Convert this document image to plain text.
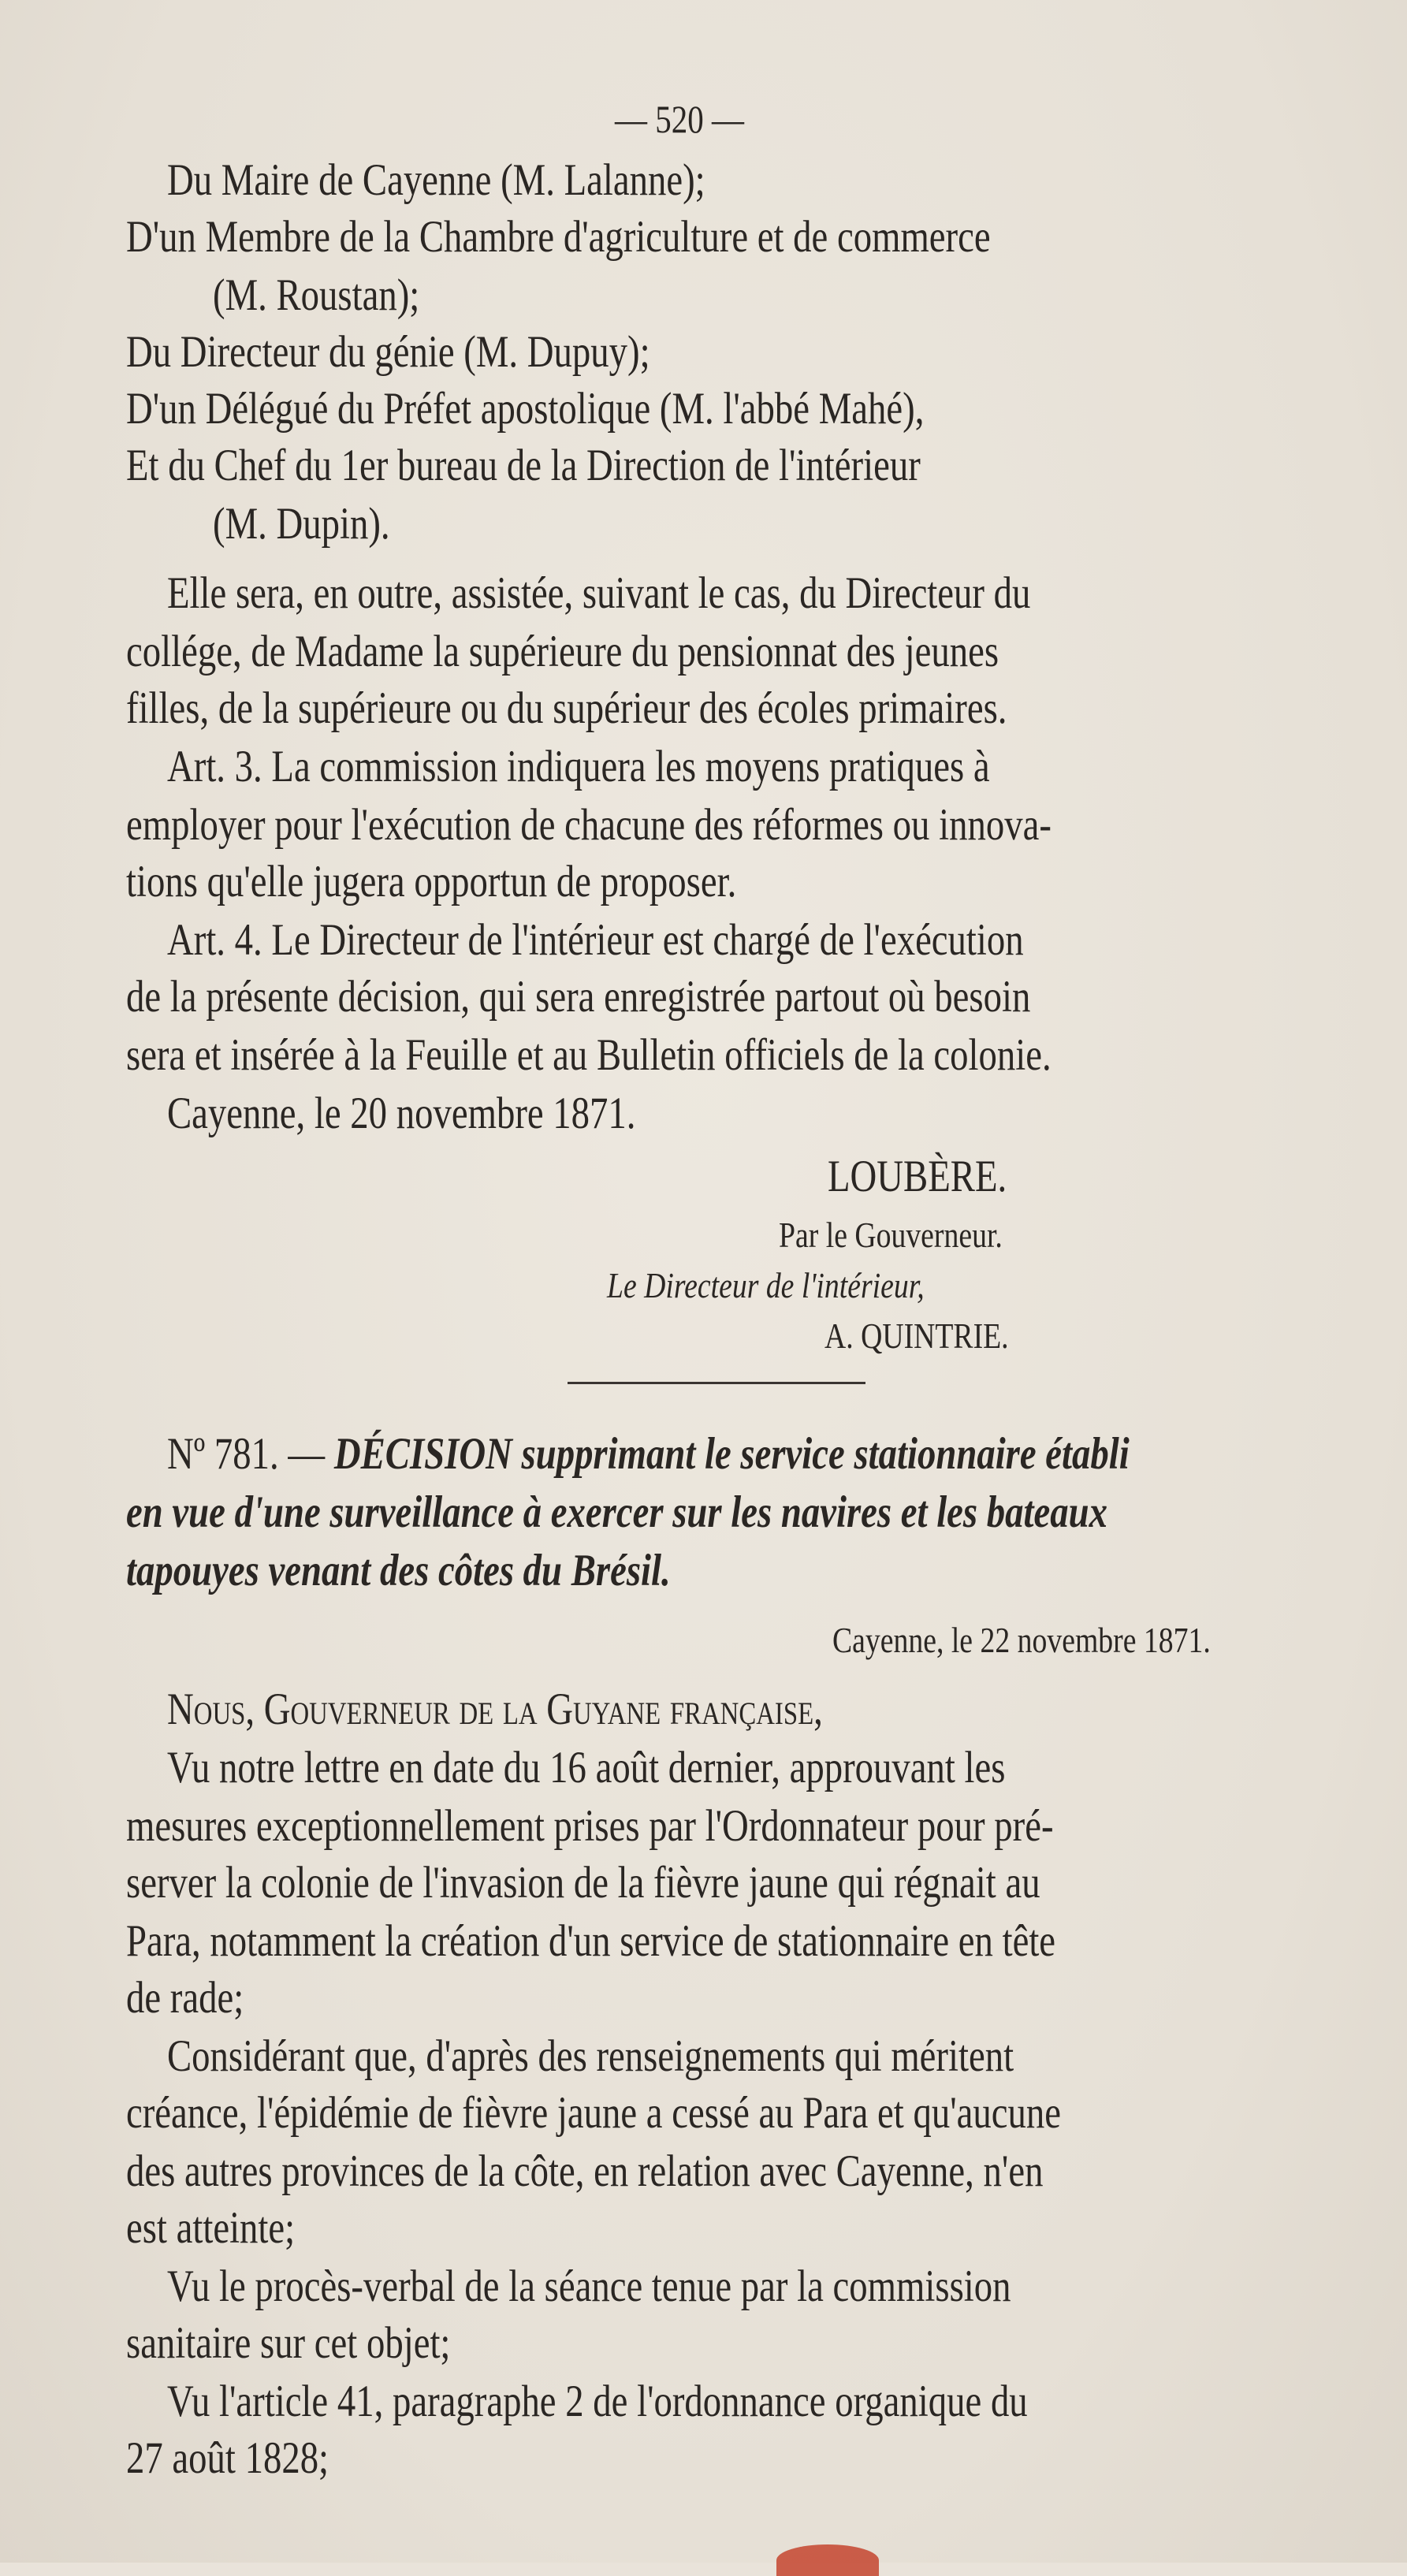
— 520 —
Du Maire de Cayenne (M. Lalanne);
D'un Membre de la Chambre d'agriculture et de commerce
(M. Roustan);
Du Directeur du génie (M. Dupuy);
D'un Délégué du Préfet apostolique (M. l'abbé Mahé),
Et du Chef du 1er bureau de la Direction de l'intérieur
(M. Dupin).
Elle sera, en outre, assistée, suivant le cas, du Directeur du
collége, de Madame la supérieure du pensionnat des jeunes
filles, de la supérieure ou du supérieur des écoles primaires.
Art. 3. La commission indiquera les moyens pratiques à
employer pour l'exécution de chacune des réformes ou innova-
tions qu'elle jugera opportun de proposer.
Art. 4. Le Directeur de l'intérieur est chargé de l'exécution
de la présente décision, qui sera enregistrée partout où besoin
sera et insérée à la Feuille et au Bulletin officiels de la colonie.
Cayenne, le 20 novembre 1871.
LOUBÈRE.
Par le Gouverneur.
Le Directeur de l'intérieur,
A. QUINTRIE.
Nº 781. — DÉCISION supprimant le service stationnaire établi
en vue d'une surveillance à exercer sur les navires et les bateaux
tapouyes venant des côtes du Brésil.
Cayenne, le 22 novembre 1871.
Nous, Gouverneur de la Guyane française,
Vu notre lettre en date du 16 août dernier, approuvant les
mesures exceptionnellement prises par l'Ordonnateur pour pré-
server la colonie de l'invasion de la fièvre jaune qui régnait au
Para, notamment la création d'un service de stationnaire en tête
de rade;
Considérant que, d'après des renseignements qui méritent
créance, l'épidémie de fièvre jaune a cessé au Para et qu'aucune
des autres provinces de la côte, en relation avec Cayenne, n'en
est atteinte;
Vu le procès-verbal de la séance tenue par la commission
sanitaire sur cet objet;
Vu l'article 41, paragraphe 2 de l'ordonnance organique du
27 août 1828;
